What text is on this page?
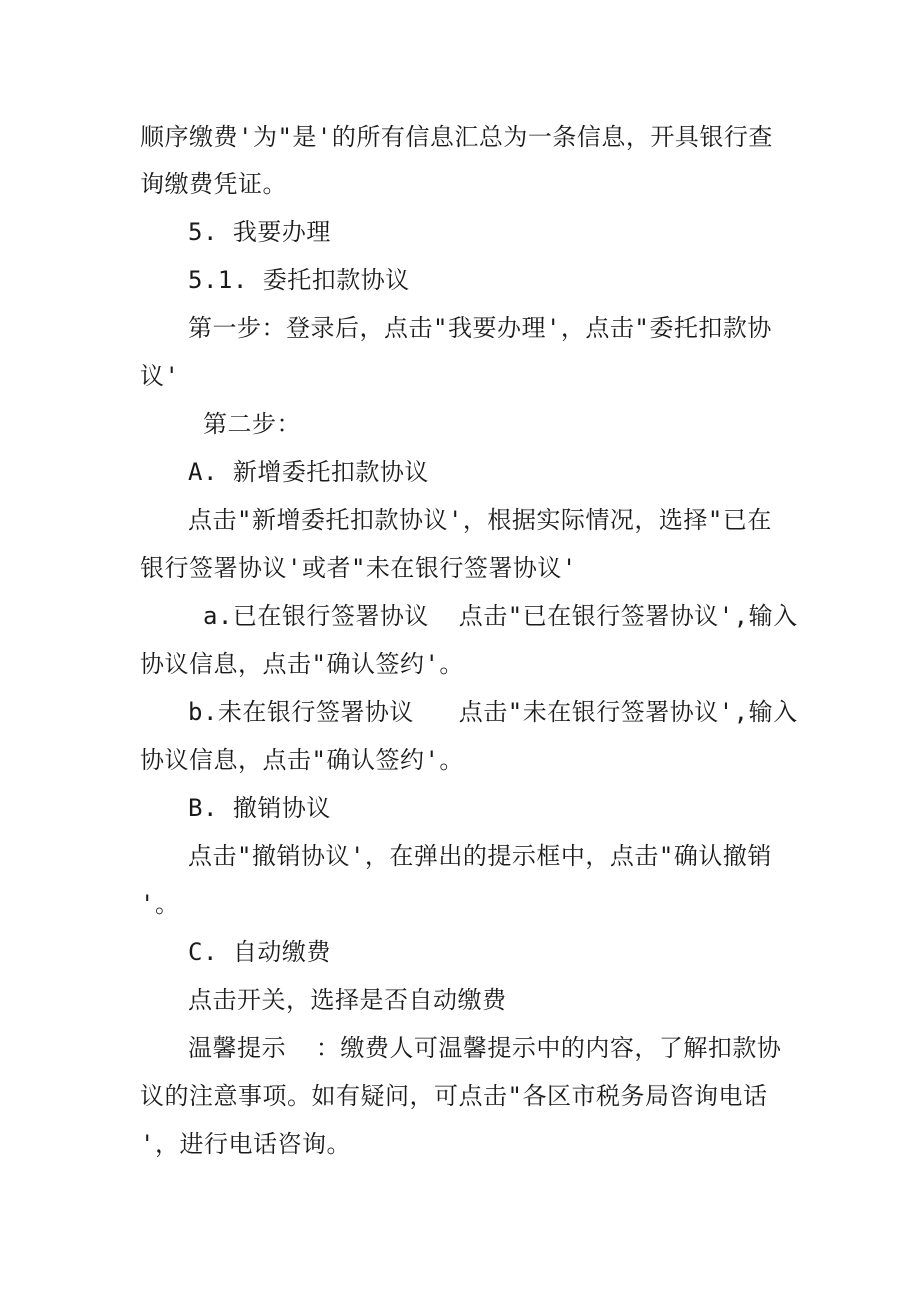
顺序缴费'为"是'的所有信息汇总为一条信息，开具银行查
询缴费凭证。
5. 我要办理
5.1. 委托扣款协议
第一步：登录后，点击"我要办理'，点击"委托扣款协
议'
第二步：
A. 新增委托扣款协议
点击"新增委托扣款协议'，根据实际情况，选择"已在
银行签署协议'或者"未在银行签署协议'
a.已在银行签署协议  点击"已在银行签署协议',输入
协议信息，点击"确认签约'。
b.未在银行签署协议   点击"未在银行签署协议',输入
协议信息，点击"确认签约'。
B. 撤销协议
点击"撤销协议'，在弹出的提示框中，点击"确认撤销
'。
C. 自动缴费
点击开关，选择是否自动缴费
温馨提示  ：缴费人可温馨提示中的内容，了解扣款协
议的注意事项。如有疑问，可点击"各区市税务局咨询电话
'，进行电话咨询。
